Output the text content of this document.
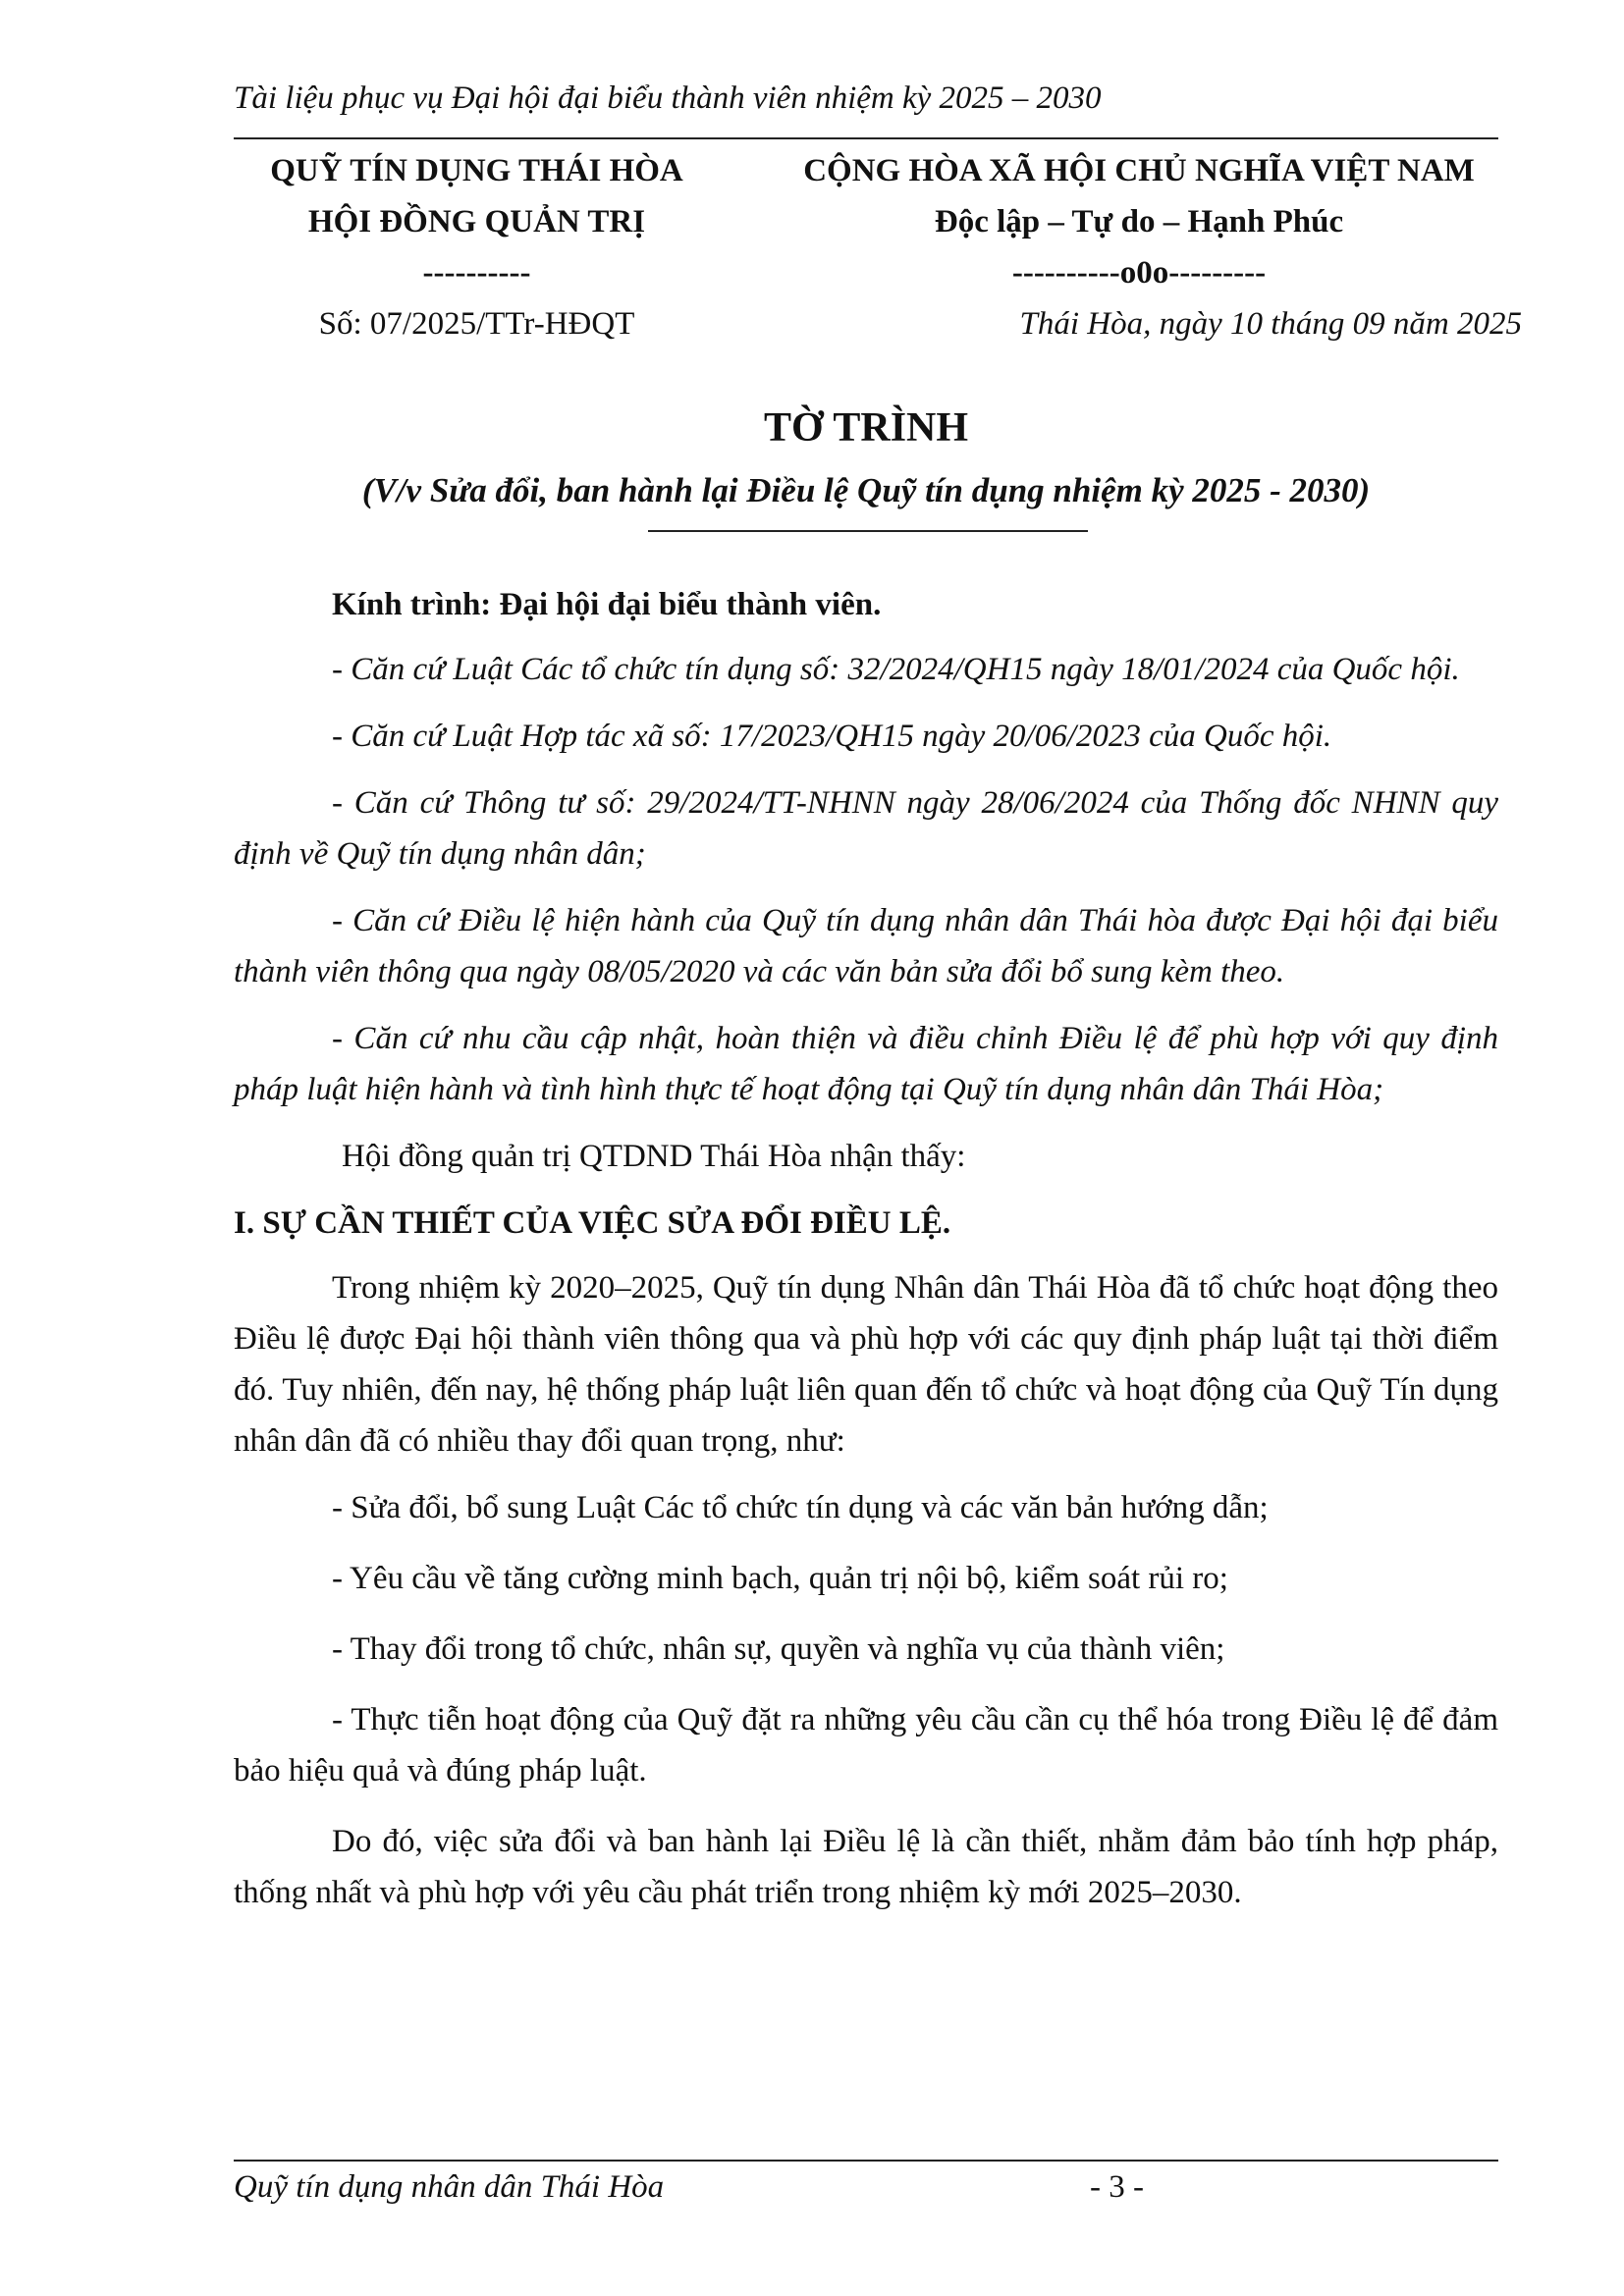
Tài liệu phục vụ Đại hội đại biểu thành viên nhiệm kỳ 2025 – 2030
QUỸ TÍN DỤNG THÁI HÒA
HỘI ĐỒNG QUẢN TRỊ
----------
Số: 07/2025/TTr-HĐQT
CỘNG HÒA XÃ HỘI CHỦ NGHĨA VIỆT NAM
Độc lập – Tự do – Hạnh Phúc
----------o0o---------
Thái Hòa, ngày 10 tháng 09 năm 2025
TỜ TRÌNH
(V/v Sửa đổi, ban hành lại Điều lệ Quỹ tín dụng nhiệm kỳ 2025 - 2030)

Kính trình: Đại hội đại biểu thành viên.

- Căn cứ Luật Các tổ chức tín dụng số: 32/2024/QH15 ngày 18/01/2024 của Quốc hội.

- Căn cứ Luật Hợp tác xã số: 17/2023/QH15 ngày 20/06/2023 của Quốc hội.

- Căn cứ Thông tư số: 29/2024/TT-NHNN ngày 28/06/2024 của Thống đốc NHNN quy định về Quỹ tín dụng nhân dân;

- Căn cứ Điều lệ hiện hành của Quỹ tín dụng nhân dân Thái hòa được Đại hội đại biểu thành viên thông qua ngày 08/05/2020 và các văn bản sửa đổi bổ sung kèm theo.

- Căn cứ nhu cầu cập nhật, hoàn thiện và điều chỉnh Điều lệ để phù hợp với quy định pháp luật hiện hành và tình hình thực tế hoạt động tại Quỹ tín dụng nhân dân Thái Hòa;

Hội đồng quản trị QTDND Thái Hòa nhận thấy:

I. SỰ CẦN THIẾT CỦA VIỆC SỬA ĐỔI ĐIỀU LỆ.

Trong nhiệm kỳ 2020–2025, Quỹ tín dụng Nhân dân Thái Hòa đã tổ chức hoạt động theo Điều lệ được Đại hội thành viên thông qua và phù hợp với các quy định pháp luật tại thời điểm đó. Tuy nhiên, đến nay, hệ thống pháp luật liên quan đến tổ chức và hoạt động của Quỹ Tín dụng nhân dân đã có nhiều thay đổi quan trọng, như:

- Sửa đổi, bổ sung Luật Các tổ chức tín dụng và các văn bản hướng dẫn;

- Yêu cầu về tăng cường minh bạch, quản trị nội bộ, kiểm soát rủi ro;

- Thay đổi trong tổ chức, nhân sự, quyền và nghĩa vụ của thành viên;

- Thực tiễn hoạt động của Quỹ đặt ra những yêu cầu cần cụ thể hóa trong Điều lệ để đảm bảo hiệu quả và đúng pháp luật.

Do đó, việc sửa đổi và ban hành lại Điều lệ là cần thiết, nhằm đảm bảo tính hợp pháp, thống nhất và phù hợp với yêu cầu phát triển trong nhiệm kỳ mới 2025–2030.

Quỹ tín dụng nhân dân Thái Hòa	- 3 -
